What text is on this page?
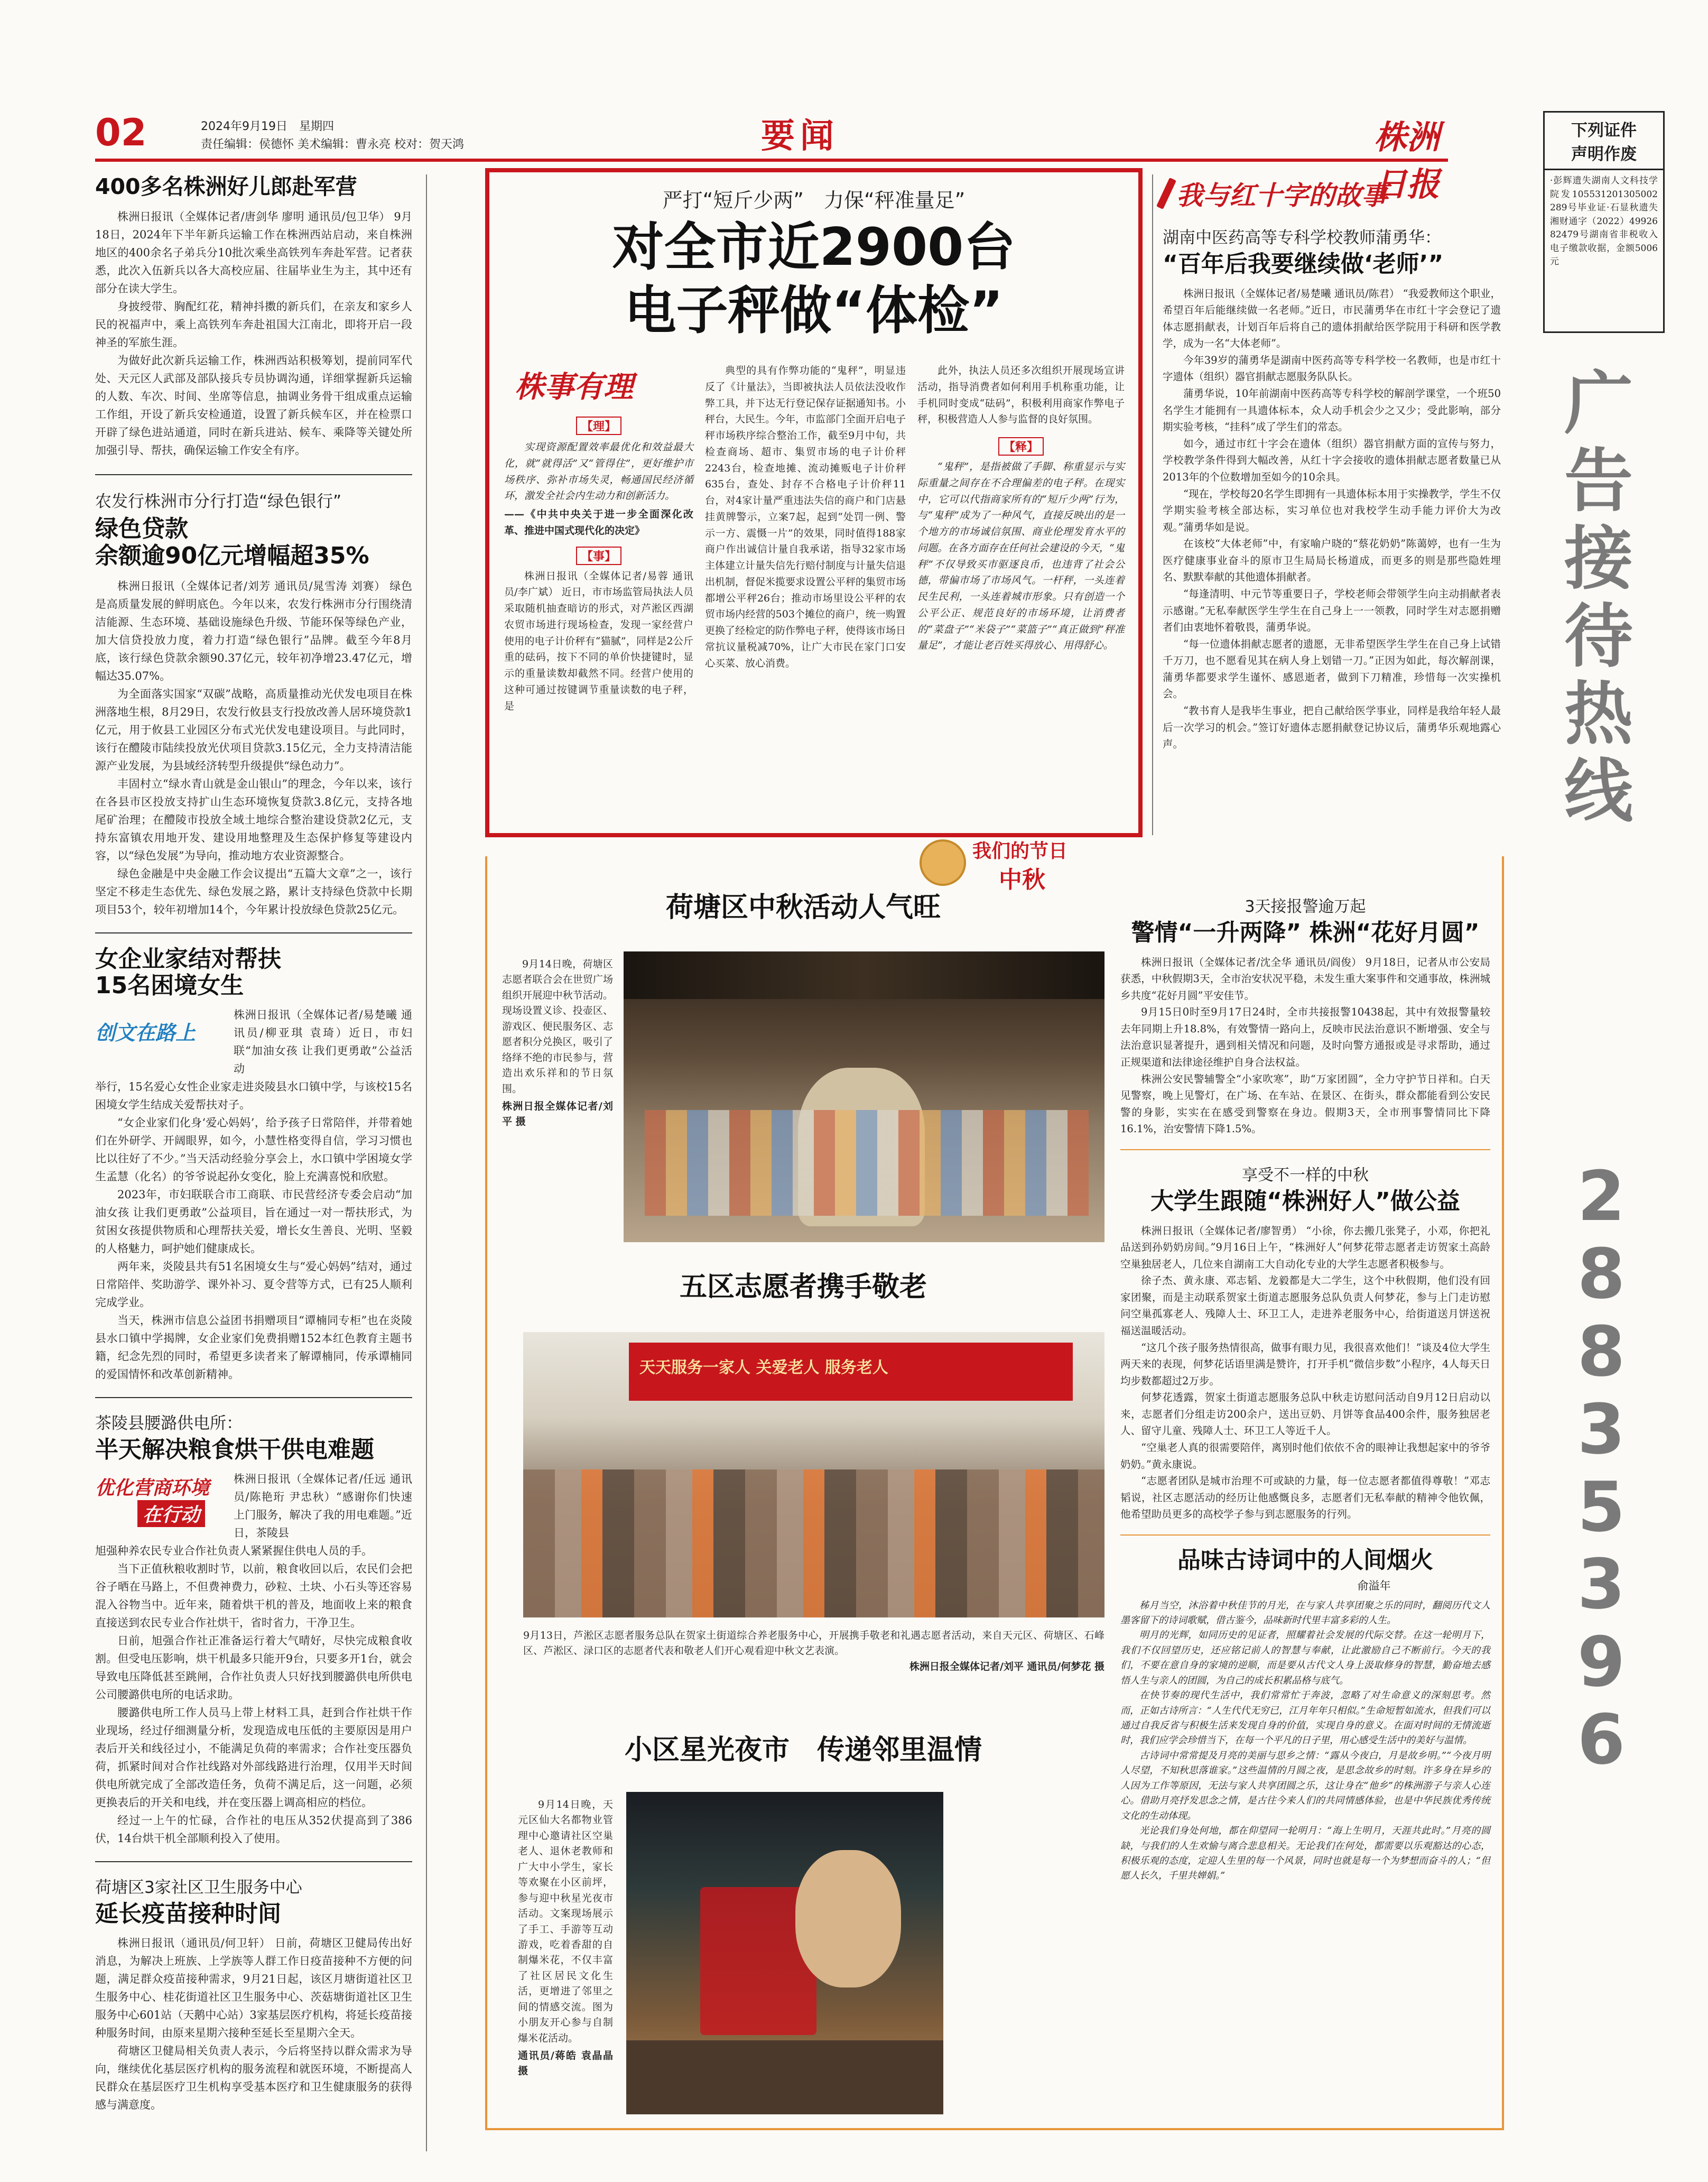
02	2024年9月19日　星期四
责任编辑：侯德怀 美术编辑：曹永亮 校对：贺天鸿	要闻	株洲日报
400多名株洲好儿郎赴军营

株洲日报讯（全媒体记者/唐剑华 廖明 通讯员/包卫华） 9月18日，2024年下半年新兵运输工作在株洲西站启动，来自株洲地区的400余名子弟兵分10批次乘坐高铁列车奔赴军营。记者获悉，此次入伍新兵以各大高校应届、往届毕业生为主，其中还有部分在读大学生。

身披绶带、胸配红花，精神抖擞的新兵们，在亲友和家乡人民的祝福声中，乘上高铁列车奔赴祖国大江南北，即将开启一段神圣的军旅生涯。

为做好此次新兵运输工作，株洲西站积极筹划，提前同军代处、天元区人武部及部队接兵专员协调沟通，详细掌握新兵运输的人数、车次、时间、坐席等信息，抽调业务骨干组成重点运输工作组，开设了新兵安检通道，设置了新兵候车区，并在检票口开辟了绿色进站通道，同时在新兵进站、候车、乘降等关键处所加强引导、帮扶，确保运输工作安全有序。

农发行株洲市分行打造“绿色银行”
绿色贷款
余额逾90亿元增幅超35%

株洲日报讯（全媒体记者/刘芳 通讯员/晁雪涛 刘赛） 绿色是高质量发展的鲜明底色。今年以来，农发行株洲市分行围绕清洁能源、生态环境、基础设施绿色升级、节能环保等绿色产业，加大信贷投放力度，着力打造“绿色银行”品牌。截至今年8月底，该行绿色贷款余额90.37亿元，较年初净增23.47亿元，增幅达35.07%。

为全面落实国家“双碳”战略，高质量推动光伏发电项目在株洲落地生根，8月29日，农发行攸县支行投放改善人居环境贷款1亿元，用于攸县工业园区分布式光伏发电建设项目。与此同时，该行在醴陵市陆续投放光伏项目贷款3.15亿元，全力支持清洁能源产业发展，为县域经济转型升级提供“绿色动力”。

丰固村立“绿水青山就是金山银山”的理念，今年以来，该行在各县市区投放支持扩山生态环境恢复贷款3.8亿元，支持各地尾矿治理；在醴陵市投放全域土地综合整治建设贷款2亿元，支持东富镇农用地开发、建设用地整理及生态保护修复等建设内容，以“绿色发展”为导向，推动地方农业资源整合。

绿色金融是中央金融工作会议提出“五篇大文章”之一，该行坚定不移走生态优先、绿色发展之路，累计支持绿色贷款中长期项目53个，较年初增加14个，今年累计投放绿色贷款25亿元。

女企业家结对帮扶
15名困境女生
创文在路上
株洲日报讯（全媒体记者/易楚曦 通讯员/柳亚琪 袁琦）近日，市妇联“加油女孩 让我们更勇敢”公益活动

举行，15名爱心女性企业家走进炎陵县水口镇中学，与该校15名困境女学生结成关爱帮扶对子。

“女企业家们化身‘爱心妈妈’，给予孩子日常陪伴，并带着她们在外研学、开阔眼界，如今，小慧性格变得自信，学习习惯也比以往好了不少。”当天活动经验分享会上，水口镇中学困境女学生孟慧（化名）的爷爷说起孙女变化，脸上充满喜悦和欣慰。

2023年，市妇联联合市工商联、市民营经济专委会启动“加油女孩 让我们更勇敢”公益项目，旨在通过一对一帮扶形式，为贫困女孩提供物质和心理帮扶关爱，增长女生善良、光明、坚毅的人格魅力，呵护她们健康成长。

两年来，炎陵县共有51名困境女生与“爱心妈妈”结对，通过日常陪伴、奖助游学、课外补习、夏令营等方式，已有25人顺利完成学业。

当天，株洲市信息公益团书捐赠项目“谭楠同专柜”也在炎陵县水口镇中学揭牌，女企业家们免费捐赠152本红色教育主题书籍，纪念先烈的同时，希望更多读者来了解谭楠同，传承谭楠同的爱国情怀和改革创新精神。

茶陵县腰潞供电所：
半天解决粮食烘干供电难题
优化营商环境
在行动
株洲日报讯（全媒体记者/任远 通讯员/陈艳珩 尹忠秋）“感谢你们快速上门服务，解决了我的用电难题。”近日，茶陵县

旭强种养农民专业合作社负责人紧紧握住供电人员的手。

当下正值秋粮收割时节，以前，粮食收回以后，农民们会把谷子晒在马路上，不但费神费力，砂粒、土块、小石头等还容易混入谷物当中。近年来，随着烘干机的普及，地面收上来的粮食直接送到农民专业合作社烘干，省时省力，干净卫生。

日前，旭强合作社正准备运行着大气晴好，尽快完成粮食收割。但受电压影响，烘干机最多只能开9台，只要多开1台，就会导致电压降低甚至跳闸，合作社负责人只好找到腰潞供电所供电公司腰潞供电所的电话求助。

腰潞供电所工作人员马上带上材料工具，赶到合作社烘干作业现场，经过仔细测量分析，发现造成电压低的主要原因是用户表后开关和线径过小，不能满足负荷的率需求；合作社变压器负荷，抓紧时间对合作社线路对外部线路进行治理，仅用半天时间供电所就完成了全部改造任务，负荷不满足后，这一问题，必须更换表后的开关和电线，并在变压器上调高相应的档位。

经过一上午的忙碌，合作社的电压从352伏提高到了386伏，14台烘干机全部顺利投入了使用。

荷塘区3家社区卫生服务中心
延长疫苗接种时间

株洲日报讯（通讯员/何卫轩） 日前，荷塘区卫健局传出好消息，为解决上班族、上学族等人群工作日疫苗接种不方便的问题，满足群众疫苗接种需求，9月21日起，该区月塘街道社区卫生服务中心、桂花街道社区卫生服务中心、茨菇塘街道社区卫生服务中心601站（天鹅中心站）3家基层医疗机构，将延长疫苗接种服务时间，由原来星期六接种至延长至星期六全天。

荷塘区卫健局相关负责人表示，今后将坚持以群众需求为导向，继续优化基层医疗机构的服务流程和就医环境，不断提高人民群众在基层医疗卫生机构享受基本医疗和卫生健康服务的获得感与满意度。

严打“短斤少两”　力保“秤准量足”
对全市近2900台
电子秤做“体检”
株事有理
【理】
实现资源配置效率最优化和效益最大化，就“就得活”又“管得住”，更好维护市场秩序、弥补市场失灵，畅通国民经济循环，激发全社会内生动力和创新活力。
——《中共中央关于进一步全面深化改革、推进中国式现代化的决定》
【事】
株洲日报讯（全媒体记者/易蓉 通讯员/李广斌） 近日，市市场监管局执法人员采取随机抽查暗访的形式，对芦淞区西湖农贸市场进行现场检查，发现一家经营户使用的电子计价秤有“猫腻”，同样是2公斤重的砝码，按下不同的单价快捷键时，显示的重量读数却截然不同。经营户使用的这种可通过按键调节重量读数的电子秤，是
典型的具有作弊功能的“鬼秤”，明显违反了《计量法》，当即被执法人员依法没收作弊工具，并下达无行登记保存证据通知书。小秤台，大民生。今年，市监部门全面开启电子秤市场秩序综合整治工作，截至9月中旬，共检查商场、超市、集贸市场的电子计价秤2243台，检查地摊、流动摊贩电子计价秤635台，查处、封存不合格电子计价秤11台，对4家计量严重违法失信的商户和门店悬挂黄牌警示，立案7起，起到“处罚一例、警示一方、震慑一片”的效果，同时值得188家商户作出诚信计量自我承诺，指导32家市场主体建立计量失信先行赔付制度与计量失信退出机制，督促米揽要求设置公平秤的集贸市场都增公平秤26台；推动市场里设公平秤的农贸市场内经营的503个摊位的商户，统一购置更换了经检定的防作弊电子秤，使得该市场日常抗议量税减70%，让广大市民在家门口安心买菜、放心消费。
此外，执法人员还多次组织开展现场宣讲活动，指导消费者如何利用手机称重功能，让手机同时变成“砝码”，积极利用商家作弊电子秤，积极营造人人参与监督的良好氛围。
【释】
“鬼秤”，是指被做了手脚、称重显示与实际重量之间存在不合理偏差的电子秤。在现实中，它可以代指商家所有的“短斤少两”行为，与“鬼秤”成为了一种风气，直接反映出的是一个地方的市场诚信氛围、商业伦理发育水平的问题。在各方面存在任何社会建设的今天，“鬼秤”不仅导致买市驱逐良币，也违背了社会公德，带偏市场了市场风气。一杆秤，一头连着民生民利，一头连着城市形象。只有创造一个公平公正、规范良好的市场环境，让消费者的“菜盘子”“米袋子”“菜篮子”“真正做到”秤准量足”，才能让老百姓买得放心、用得舒心。
我们的节日
中秋
荷塘区中秋活动人气旺
9月14日晚，荷塘区志愿者联合会在世贸广场组织开展迎中秋节活动。现场设置义诊、投壶区、游戏区、便民服务区、志愿者积分兑换区，吸引了络绎不绝的市民参与，营造出欢乐祥和的节日氛围。
株洲日报全媒体记者/刘平 摄
五区志愿者携手敬老
天天服务一家人 关爱老人 服务老人
9月13日，芦淞区志愿者服务总队在贺家土街道综合养老服务中心，开展携手敬老和礼遇志愿者活动，来自天元区、荷塘区、石峰区、芦淞区、渌口区的志愿者代表和敬老人们开心观看迎中秋文艺表演。
株洲日报全媒体记者/刘平 通讯员/何梦花 摄
小区星光夜市　传递邻里温情
9月14日晚，天元区仙大名都物业管理中心邀请社区空巢老人、退休老教师和广大中小学生，家长等欢聚在小区前坪，参与迎中秋星光夜市活动。文案现场展示了手工、手游等互动游戏，吃着香甜的自制爆米花，不仅丰富了社区居民文化生活，更增进了邻里之间的情感交流。图为小朋友开心参与自制爆米花活动。
通讯员/蒋皓 袁晶晶 摄
我与红十字的故事
湖南中医药高等专科学校教师蒲勇华：
“百年后我要继续做‘老师’”

株洲日报讯（全媒体记者/易楚曦 通讯员/陈君） “我爱教师这个职业，希望百年后能继续做一名老师。”近日，市民蒲勇华在市红十字会登记了遗体志愿捐献表，计划百年后将自己的遗体捐献给医学院用于科研和医学教学，成为一名“大体老师”。

今年39岁的蒲勇华是湖南中医药高等专科学校一名教师，也是市红十字遗体（组织）器官捐献志愿服务队队长。

蒲勇华说，10年前湖南中医药高等专科学校的解剖学课堂，一个班50名学生才能拥有一具遗体标本，众人动手机会少之又少；受此影响，部分期实验考核，“挂科”成了学生们的常态。

如今，通过市红十字会在遗体（组织）器官捐献方面的宣传与努力，学校教学条件得到大幅改善，从红十字会接收的遗体捐献志愿者数量已从2013年的个位数增加至如今的10余具。

“现在，学校每20名学生即拥有一具遗体标本用于实操教学，学生不仅学期实验考核全部达标，实习单位也对我校学生动手能力评价大为改观。”蒲勇华如是说。

在该校“大体老师”中，有家喻户晓的“蔡花奶奶”陈蔼婷，也有一生为医疗健康事业奋斗的原市卫生局局长杨道成，而更多的则是那些隐姓埋名、默默奉献的其他遗体捐献者。

“每逢清明、中元节等重要日子，学校老师会带领学生向主动捐献者表示感谢。”无私奉献医学生学生在自己身上一一领教，同时学生对志愿捐赠者们由衷地怀着敬畏，蒲勇华说。

“每一位遗体捐献志愿者的遗愿，无非希望医学生学生在自己身上试错千万刀，也不愿看见其在病人身上划错一刀。”正因为如此，每次解剖课，蒲勇华都要求学生谨怀、感恩逝者，做到下刀精准，珍惜每一次实操机会。

“教书育人是我毕生事业，把自己献给医学事业，同样是我给年轻人最后一次学习的机会。”签订好遗体志愿捐献登记协议后，蒲勇华乐观地露心声。

3天接报警逾万起
警情“一升两降” 株洲“花好月圆”

株洲日报讯（全媒体记者/沈全华 通讯员/阎俊） 9月18日，记者从市公安局获悉，中秋假期3天，全市治安状况平稳，未发生重大案事件和交通事故，株洲城乡共度“花好月圆”平安佳节。

9月15日0时至9月17日24时，全市共接报警10438起，其中有效报警量较去年同期上升18.8%，有效警情一路向上，反映市民法治意识不断增强、安全与法治意识显著提升，遇到相关情况和问题，及时向警方通报或是寻求帮助，通过正规渠道和法律途径维护自身合法权益。

株洲公安民警辅警全“小家吹寒”，助“万家团圆”，全力守护节日祥和。白天见警察，晚上见警灯，在广场、在车站、在景区、在街头，群众都能看到公安民警的身影，实实在在感受到警察在身边。假期3天，全市刑事警情同比下降16.1%，治安警情下降1.5%。

享受不一样的中秋
大学生跟随“株洲好人”做公益

株洲日报讯（全媒体记者/廖智勇） “小徐，你去搬几张凳子，小邓，你把礼品送到孙奶奶房间。”9月16日上午，“株洲好人”何梦花带志愿者走访贺家土高龄空巢独居老人，几位来自湖南工大自动化专业的大学生志愿者积极参与。

徐子杰、黄永康、邓志韬、龙毅都是大二学生，这个中秋假期，他们没有回家团聚，而是主动联系贺家土街道志愿服务总队负责人何梦花，参与上门走访慰问空巢孤寡老人、残障人士、环卫工人，走进养老服务中心，给街道送月饼送祝福送温暖活动。

“这几个孩子服务热情很高，做事有眼力见，我很喜欢他们！”谈及4位大学生两天来的表现，何梦花话语里满是赞许，打开手机“微信步数”小程序，4人每天日均步数都超过2万步。

何梦花透露，贺家土街道志愿服务总队中秋走访慰问活动自9月12日启动以来，志愿者们分组走访200余户，送出豆奶、月饼等食品400余件，服务独居老人、留守儿童、残障人士、环卫工人等近千人。

“空巢老人真的很需要陪伴，离别时他们依依不舍的眼神让我想起家中的爷爷奶奶。”黄永康说。

“志愿者团队是城市治理不可或缺的力量，每一位志愿者都值得尊敬！”邓志韬说，社区志愿活动的经历让他感慨良多，志愿者们无私奉献的精神令他钦佩，他希望助员更多的高校学子参与到志愿服务的行列。

品味古诗词中的人间烟火
俞溢年

秭月当空，沐浴着中秋佳节的月光，在与家人共享团聚之乐的同时，翻阅历代文人墨客留下的诗词歌赋，借古鉴今，品味新时代里丰富多彩的人生。

明月的光辉，如同历史的见证者，照耀着社会发展的代际交替。在这一轮明月下，我们不仅回望历史，还应铭记前人的智慧与奉献，让此激励自己不断前行。今天的我们，不要在意自身的家境的逆顺，而是要从古代文人身上汲取修身的智慧，勤奋地去感悟人生与亲人的团圆，为自己的成长积累品格与底气。

在快节奏的现代生活中，我们常常忙于奔波，忽略了对生命意义的深刻思考。然而，正如古诗所言：“人生代代无穷已，江月年年只相似。”生命短暂如流水，但我们可以通过自我反省与积极生活来发现自身的价值，实现自身的意义。在面对时间的无情流逝时，我们应学会珍惜当下，在每一个平凡的日子里，用心感受生活中的美好与温情。

古诗词中常常提及月亮的美丽与思乡之情：“露从今夜白，月是故乡明。”“今夜月明人尽望，不知秋思落谁家。”这些温情的月圆之夜，是思念故乡的时刻。许多身在异乡的人因为工作等原因，无法与家人共享团圆之乐，这让身在“他乡”的株洲游子与亲人心连心。借助月亮抒发思念之情，是古往今来人们的共同情感体验，也是中华民族优秀传统文化的生动体现。

光论我们身处何地，都在仰望同一轮明月：“海上生明月，天涯共此时。”月亮的圆缺，与我们的人生欢愉与离合悲息相关。无论我们在何处，都需要以乐观豁达的心态，积极乐观的态度，定迎人生里的每一个风景，同时也就是每一个为梦想而奋斗的人；“但愿人长久，千里共婵娟。”

下列证件
声明作废
·彭辉遗失湖南人文科技学院发105531201305002289号毕业证·石显秋遗失湘财通字（2022）4992682479号湖南省非税收入电子缴款收据，金额5006元
广告接待热线
28835396
